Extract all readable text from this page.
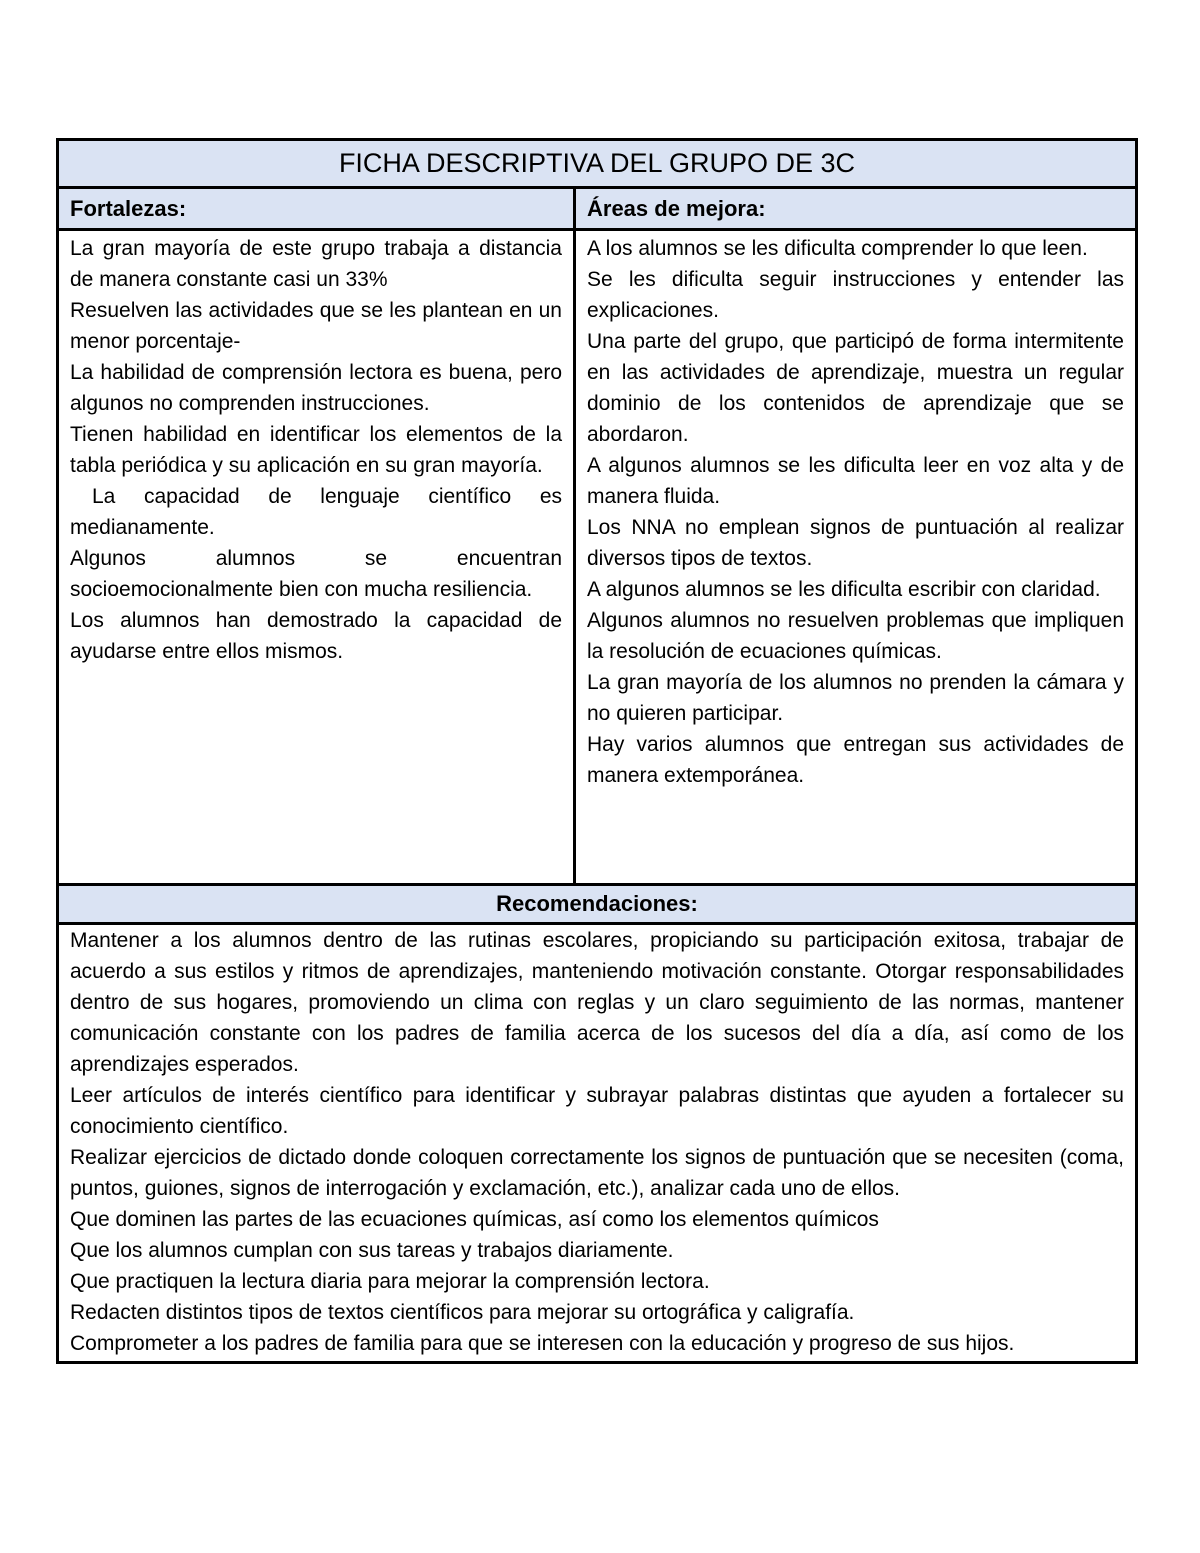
FICHA DESCRIPTIVA DEL GRUPO DE 3C
Fortalezas:	Áreas de mejora:

La gran mayoría de este grupo trabaja a distancia de manera constante casi un 33%

Resuelven las actividades que se les plantean en un menor porcentaje-

La habilidad de comprensión lectora es buena, pero algunos no comprenden instrucciones.

Tienen habilidad en identificar los elementos de la tabla periódica y su aplicación en su gran mayoría.

La capacidad de lenguaje científico es medianamente.

Algunos alumnos se encuentran socioemocionalmente bien con mucha resiliencia.

Los alumnos han demostrado la capacidad de ayudarse entre ellos mismos.

A los alumnos se les dificulta comprender lo que leen.

Se les dificulta seguir instrucciones y entender las explicaciones.

Una parte del grupo, que participó de forma intermitente en las actividades de aprendizaje, muestra un regular dominio de los contenidos de aprendizaje que se abordaron.

A algunos alumnos se les dificulta leer en voz alta y de manera fluida.

Los NNA no emplean signos de puntuación al realizar diversos tipos de textos.

A algunos alumnos se les dificulta escribir con claridad.

Algunos alumnos no resuelven problemas que impliquen la resolución de ecuaciones químicas.

La gran mayoría de los alumnos no prenden la cámara y no quieren participar.

Hay varios alumnos que entregan sus actividades de manera extemporánea.

Recomendaciones:

Mantener a los alumnos dentro de las rutinas escolares, propiciando su participación exitosa, trabajar de acuerdo a sus estilos y ritmos de aprendizajes, manteniendo motivación constante. Otorgar responsabilidades dentro de sus hogares, promoviendo un clima con reglas y un claro seguimiento de las normas, mantener comunicación constante con los padres de familia acerca de los sucesos del día a día, así como de los aprendizajes esperados.

Leer artículos de interés científico para identificar y subrayar palabras distintas que ayuden a fortalecer su conocimiento científico.

Realizar ejercicios de dictado donde coloquen correctamente los signos de puntuación que se necesiten (coma, puntos, guiones, signos de interrogación y exclamación, etc.), analizar cada uno de ellos.

Que dominen las partes de las ecuaciones químicas, así como los elementos químicos

Que los alumnos cumplan con sus tareas y trabajos diariamente.

Que practiquen la lectura diaria para mejorar la comprensión lectora.

Redacten distintos tipos de textos científicos para mejorar su ortográfica y caligrafía.

Comprometer a los padres de familia para que se interesen con la educación y progreso de sus hijos.
